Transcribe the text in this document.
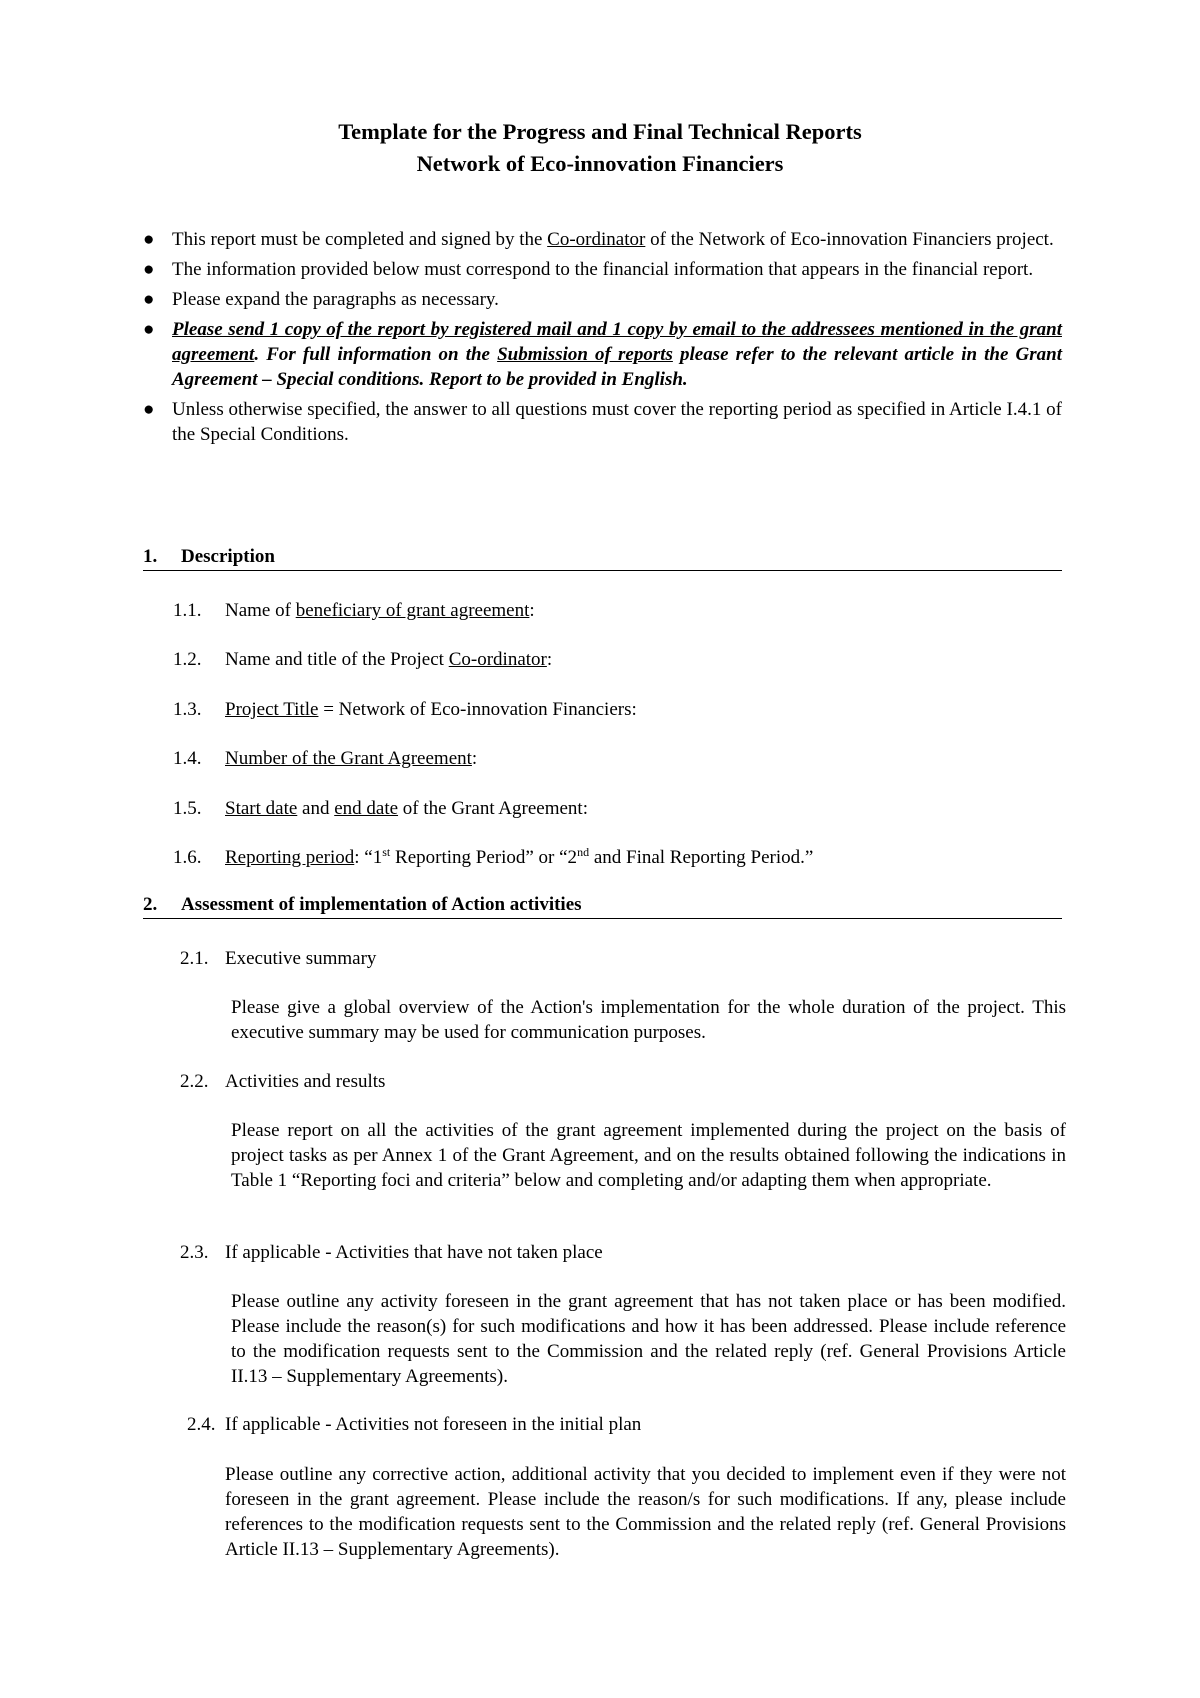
Template for the Progress and Final Technical Reports
Network of Eco-innovation Financiers
● This report must be completed and signed by the Co-ordinator of the Network of Eco-innovation Financiers project.
● The information provided below must correspond to the financial information that appears in the financial report.
● Please expand the paragraphs as necessary.
● Please send 1 copy of the report by registered mail and 1 copy by email to the addressees mentioned in the grant agreement. For full information on the Submission of reports please refer to the relevant article in the Grant Agreement – Special conditions. Report to be provided in English.
● Unless otherwise specified, the answer to all questions must cover the reporting period as specified in Article I.4.1 of the Special Conditions.
1. Description
1.1. Name of beneficiary of grant agreement:
1.2. Name and title of the Project Co-ordinator:
1.3. Project Title = Network of Eco-innovation Financiers:
1.4. Number of the Grant Agreement:
1.5. Start date and end date of the Grant Agreement:
1.6. Reporting period: “1st Reporting Period” or “2nd and Final Reporting Period.”
2. Assessment of implementation of Action activities
2.1. Executive summary
Please give a global overview of the Action's implementation for the whole duration of the project. This executive summary may be used for communication purposes.
2.2. Activities and results
Please report on all the activities of the grant agreement implemented during the project on the basis of project tasks as per Annex 1 of the Grant Agreement, and on the results obtained following the indications in Table 1 “Reporting foci and criteria” below and completing and/or adapting them when appropriate.
2.3. If applicable - Activities that have not taken place
Please outline any activity foreseen in the grant agreement that has not taken place or has been modified. Please include the reason(s) for such modifications and how it has been addressed. Please include reference to the modification requests sent to the Commission and the related reply (ref. General Provisions Article II.13 – Supplementary Agreements).
2.4. If applicable - Activities not foreseen in the initial plan
Please outline any corrective action, additional activity that you decided to implement even if they were not foreseen in the grant agreement. Please include the reason/s for such modifications. If any, please include references to the modification requests sent to the Commission and the related reply (ref. General Provisions Article II.13 – Supplementary Agreements).
